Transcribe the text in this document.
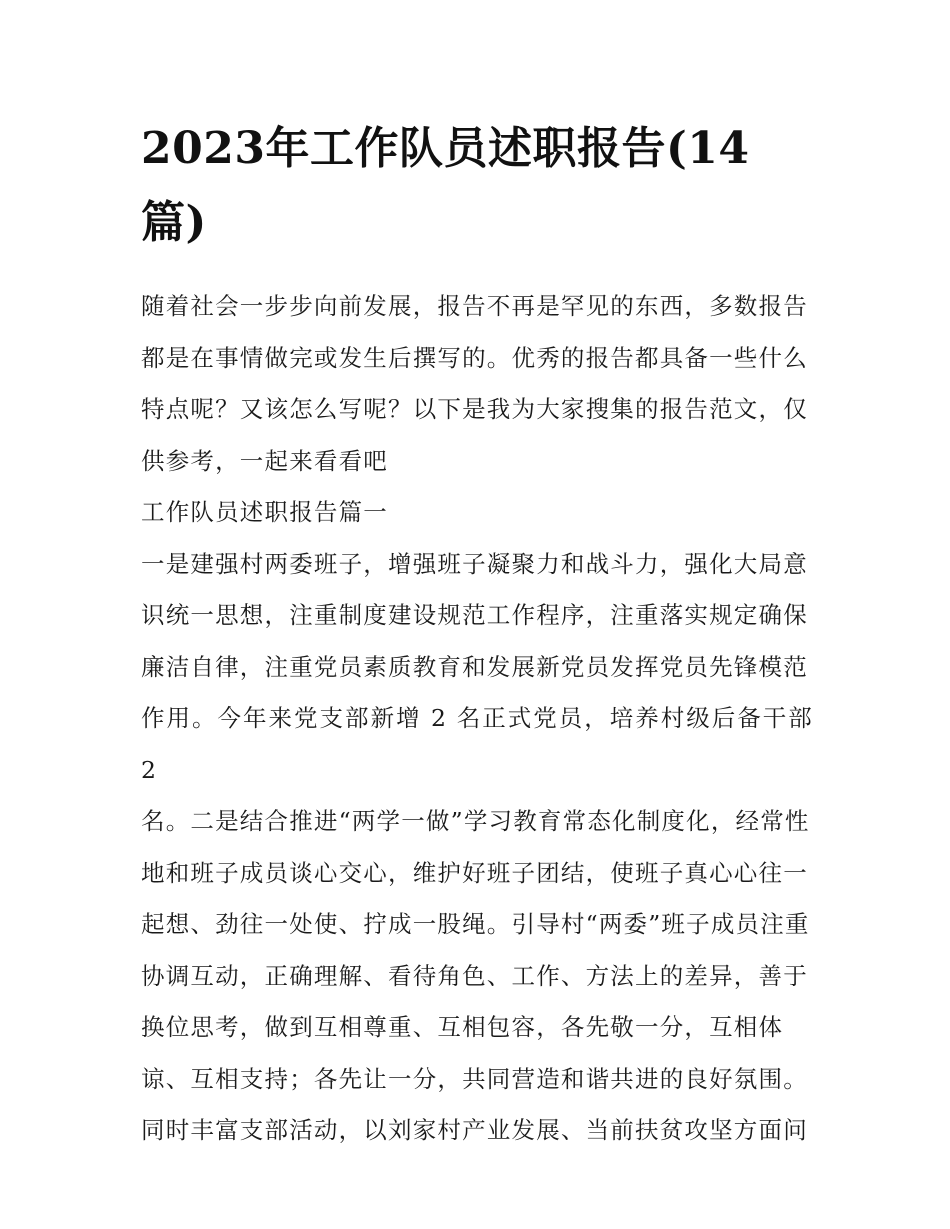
2023年工作队员述职报告(14
篇)

随着社会一步步向前发展，报告不再是罕见的东西，多数报告

都是在事情做完或发生后撰写的。优秀的报告都具备一些什么

特点呢？又该怎么写呢？以下是我为大家搜集的报告范文，仅

供参考，一起来看看吧

工作队员述职报告篇一

一是建强村两委班子，增强班子凝聚力和战斗力，强化大局意

识统一思想，注重制度建设规范工作程序，注重落实规定确保

廉洁自律，注重党员素质教育和发展新党员发挥党员先锋模范

作用。今年来党支部新增 2 名正式党员，培养村级后备干部 2

名。二是结合推进“两学一做”学习教育常态化制度化，经常性

地和班子成员谈心交心，维护好班子团结，使班子真心心往一

起想、劲往一处使、拧成一股绳。引导村“两委”班子成员注重

协调互动，正确理解、看待角色、工作、方法上的差异，善于

换位思考，做到互相尊重、互相包容，各先敬一分，互相体

谅、互相支持；各先让一分，共同营造和谐共进的良好氛围。

同时丰富支部活动，以刘家村产业发展、当前扶贫攻坚方面问
